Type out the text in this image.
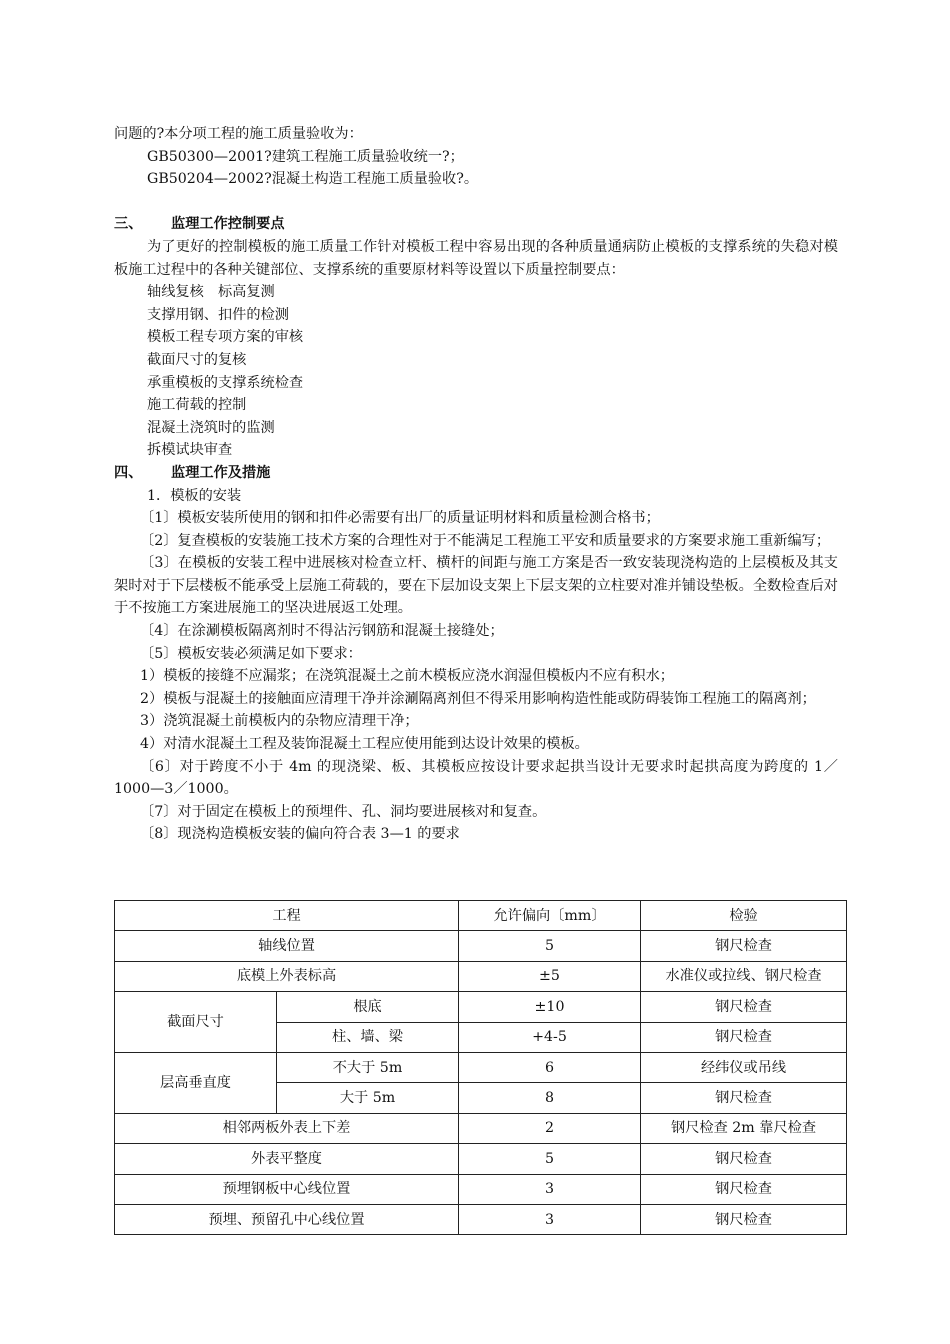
问题的?本分项工程的施工质量验收为：
GB50300—2001?建筑工程施工质量验收统一?；
GB50204—2002?混凝土构造工程施工质量验收?。
三、 监理工作控制要点
为了更好的控制模板的施工质量工作针对模板工程中容易出现的各种质量通病防止模板的支撑系统的失稳对模板施工过程中的各种关键部位、支撑系统的重要原材料等设置以下质量控制要点：
轴线复核　标高复测
支撑用钢、扣件的检测
模板工程专项方案的审核
截面尺寸的复核
承重模板的支撑系统检查
施工荷载的控制
混凝土浇筑时的监测
拆模试块审查
四、 监理工作及措施
1．模板的安装
〔1〕模板安装所使用的钢和扣件必需要有出厂的质量证明材料和质量检测合格书；
〔2〕复查模板的安装施工技术方案的合理性对于不能满足工程施工平安和质量要求的方案要求施工重新编写；
〔3〕在模板的安装工程中进展核对检查立杆、横杆的间距与施工方案是否一致安装现浇构造的上层模板及其支架时对于下层楼板不能承受上层施工荷载的，要在下层加设支架上下层支架的立柱要对准并铺设垫板。全数检查后对于不按施工方案进展施工的坚决进展返工处理。
〔4〕在涂涮模板隔离剂时不得沾污钢筋和混凝土接缝处；
〔5〕模板安装必须满足如下要求：
1）模板的接缝不应漏浆；在浇筑混凝土之前木模板应浇水润湿但模板内不应有积水；
2）模板与混凝土的接触面应清理干净并涂涮隔离剂但不得采用影响构造性能或防碍装饰工程施工的隔离剂；
3）浇筑混凝土前模板内的杂物应清理干净；
4）对清水混凝土工程及装饰混凝土工程应使用能到达设计效果的模板。
〔6〕对于跨度不小于 4m 的现浇梁、板、其模板应按设计要求起拱当设计无要求时起拱高度为跨度的 1／1000—3／1000。
〔7〕对于固定在模板上的预埋件、孔、洞均要进展核对和复查。
〔8〕现浇构造模板安装的偏向符合表 3—1 的要求
工程		允许偏向〔mm〕	检验
轴线位置		5	钢尺检查
底模上外表标高		±5	水准仪或拉线、钢尺检查
截面尺寸	根底	±10	钢尺检查
	柱、墙、梁	+4-5	钢尺检查
层高垂直度	不大于 5m	6	经纬仪或吊线
	大于 5m	8	钢尺检查
相邻两板外表上下差		2	钢尺检查 2m 靠尺检查
外表平整度		5	钢尺检查
预埋钢板中心线位置		3	钢尺检查
预埋、预留孔中心线位置		3	钢尺检查
